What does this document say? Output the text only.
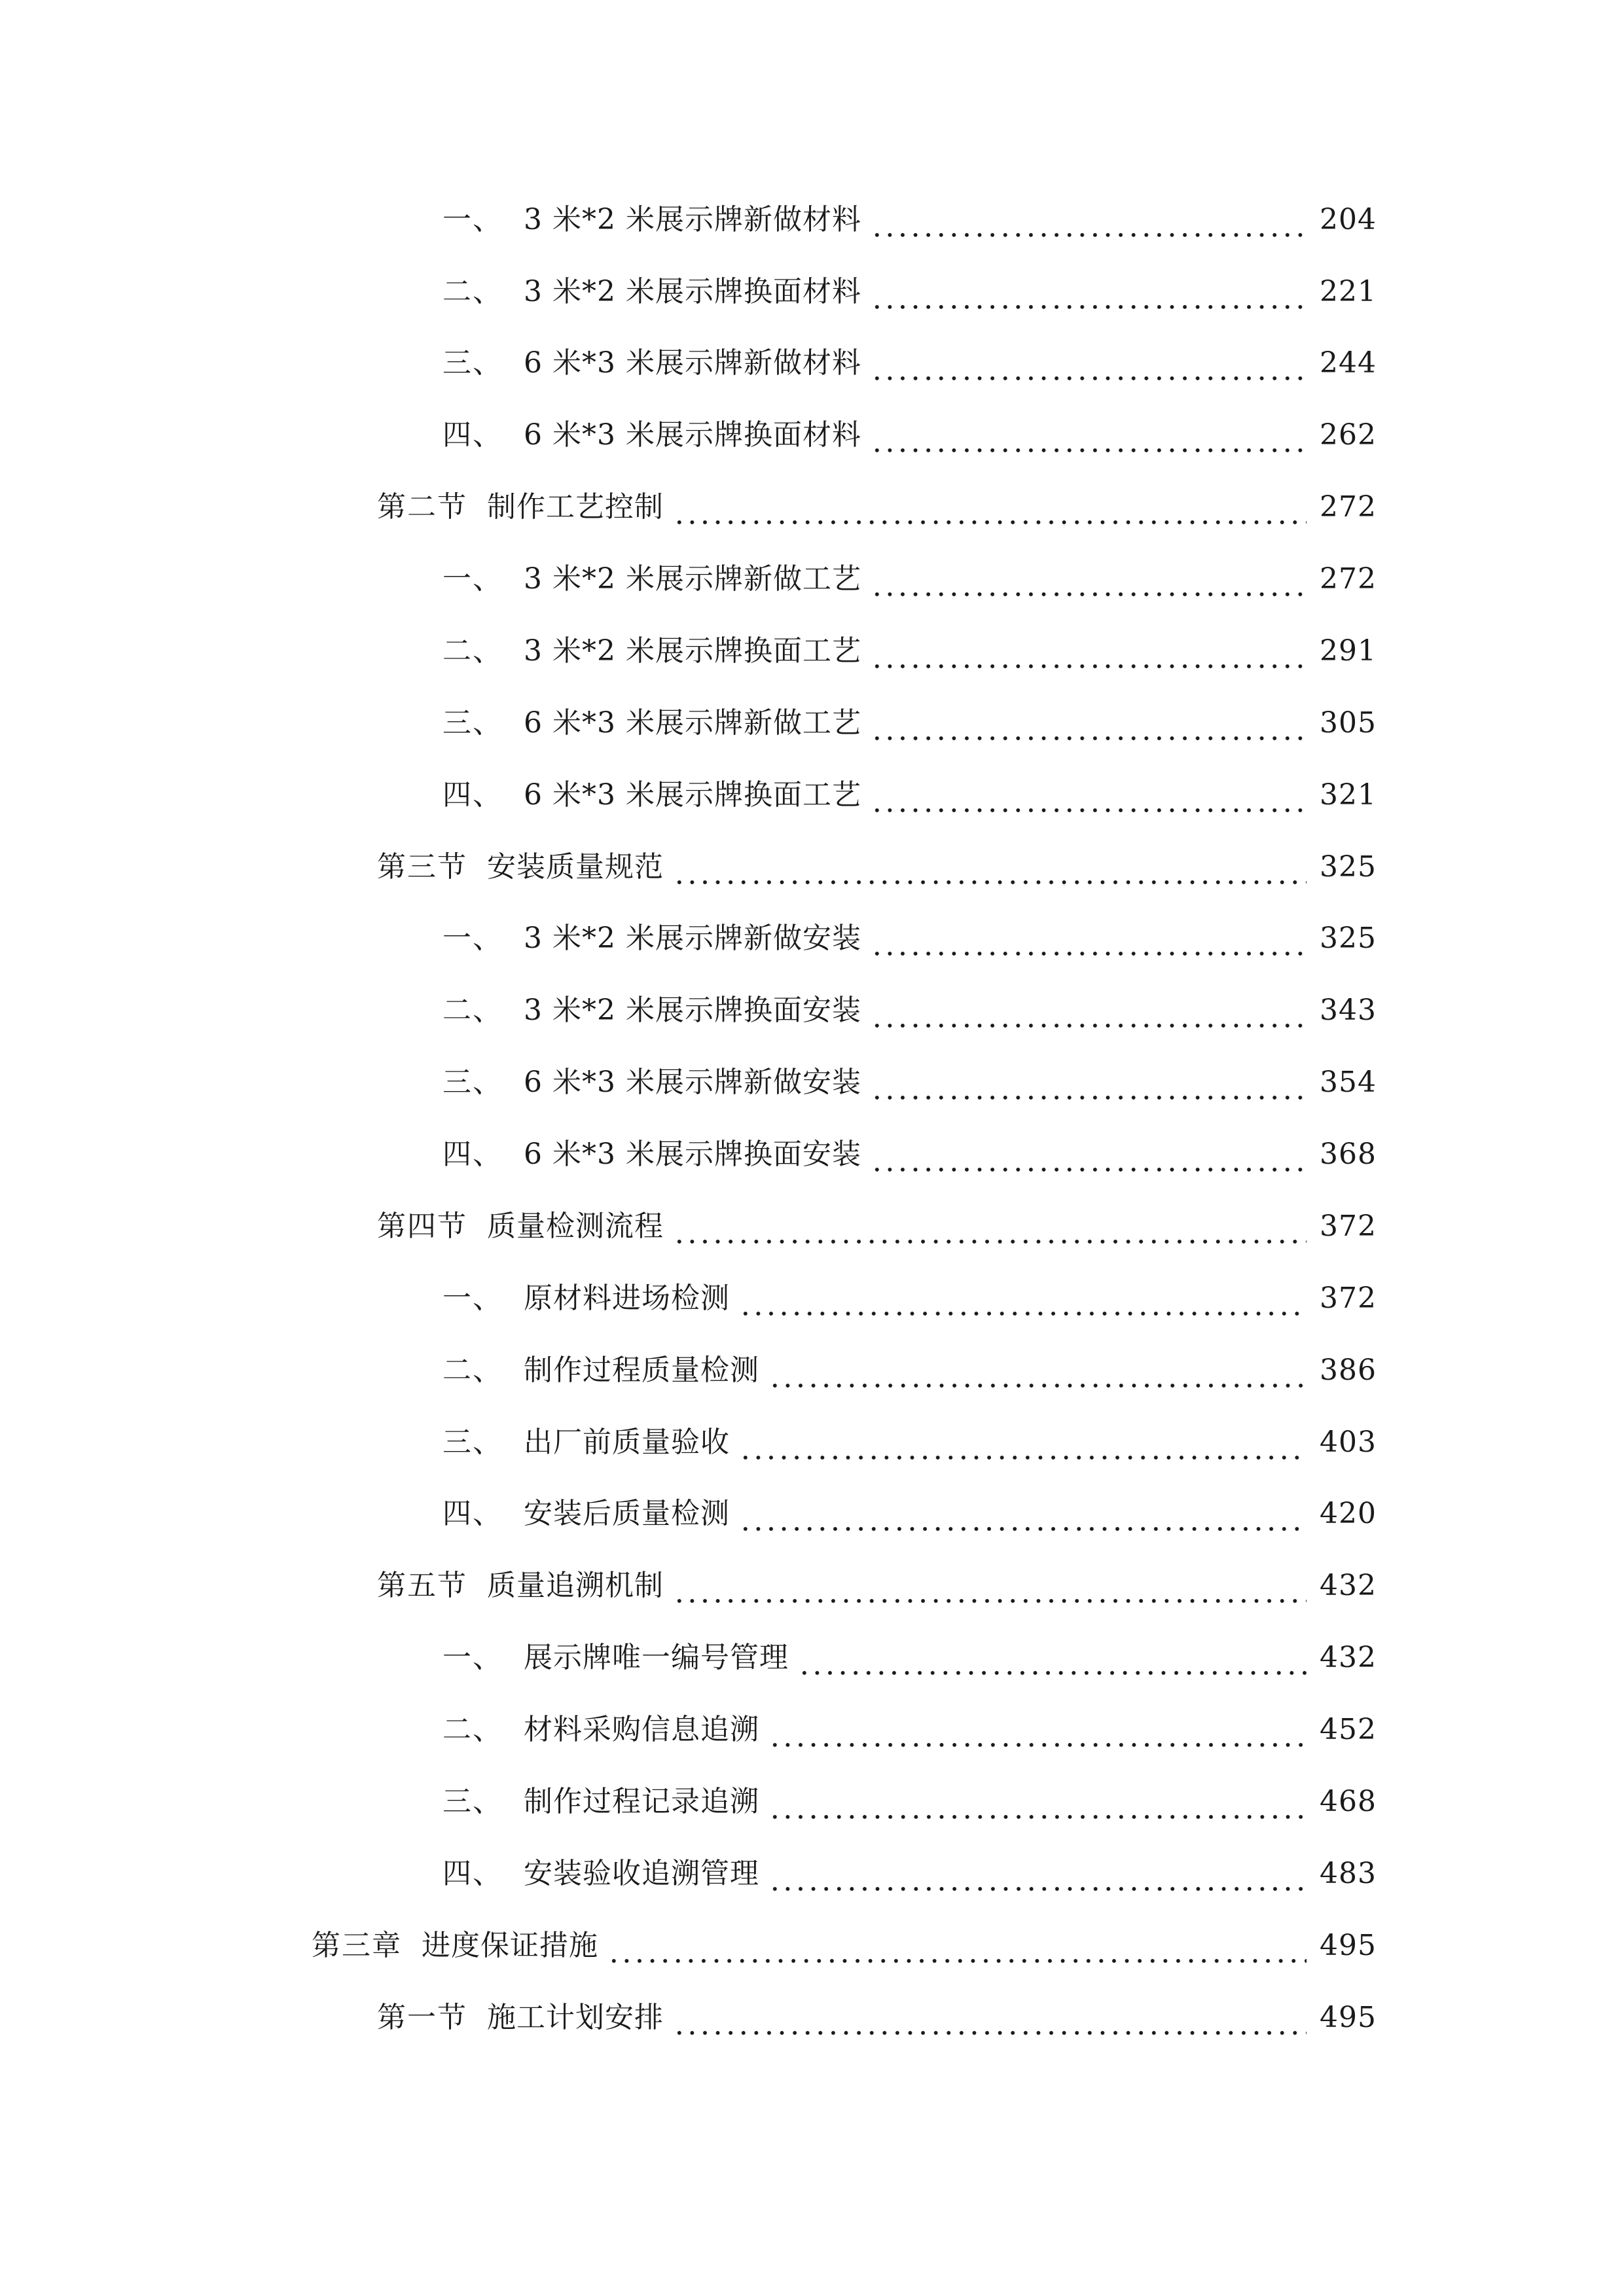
一、 3 米*2 米展示牌新做材料	204
二、 3 米*2 米展示牌换面材料	221
三、 6 米*3 米展示牌新做材料	244
四、 6 米*3 米展示牌换面材料	262
第二节 制作工艺控制	272
一、 3 米*2 米展示牌新做工艺	272
二、 3 米*2 米展示牌换面工艺	291
三、 6 米*3 米展示牌新做工艺	305
四、 6 米*3 米展示牌换面工艺	321
第三节 安装质量规范	325
一、 3 米*2 米展示牌新做安装	325
二、 3 米*2 米展示牌换面安装	343
三、 6 米*3 米展示牌新做安装	354
四、 6 米*3 米展示牌换面安装	368
第四节 质量检测流程	372
一、 原材料进场检测	372
二、 制作过程质量检测	386
三、 出厂前质量验收	403
四、 安装后质量检测	420
第五节 质量追溯机制	432
一、 展示牌唯一编号管理	432
二、 材料采购信息追溯	452
三、 制作过程记录追溯	468
四、 安装验收追溯管理	483
第三章 进度保证措施	495
第一节 施工计划安排	495
